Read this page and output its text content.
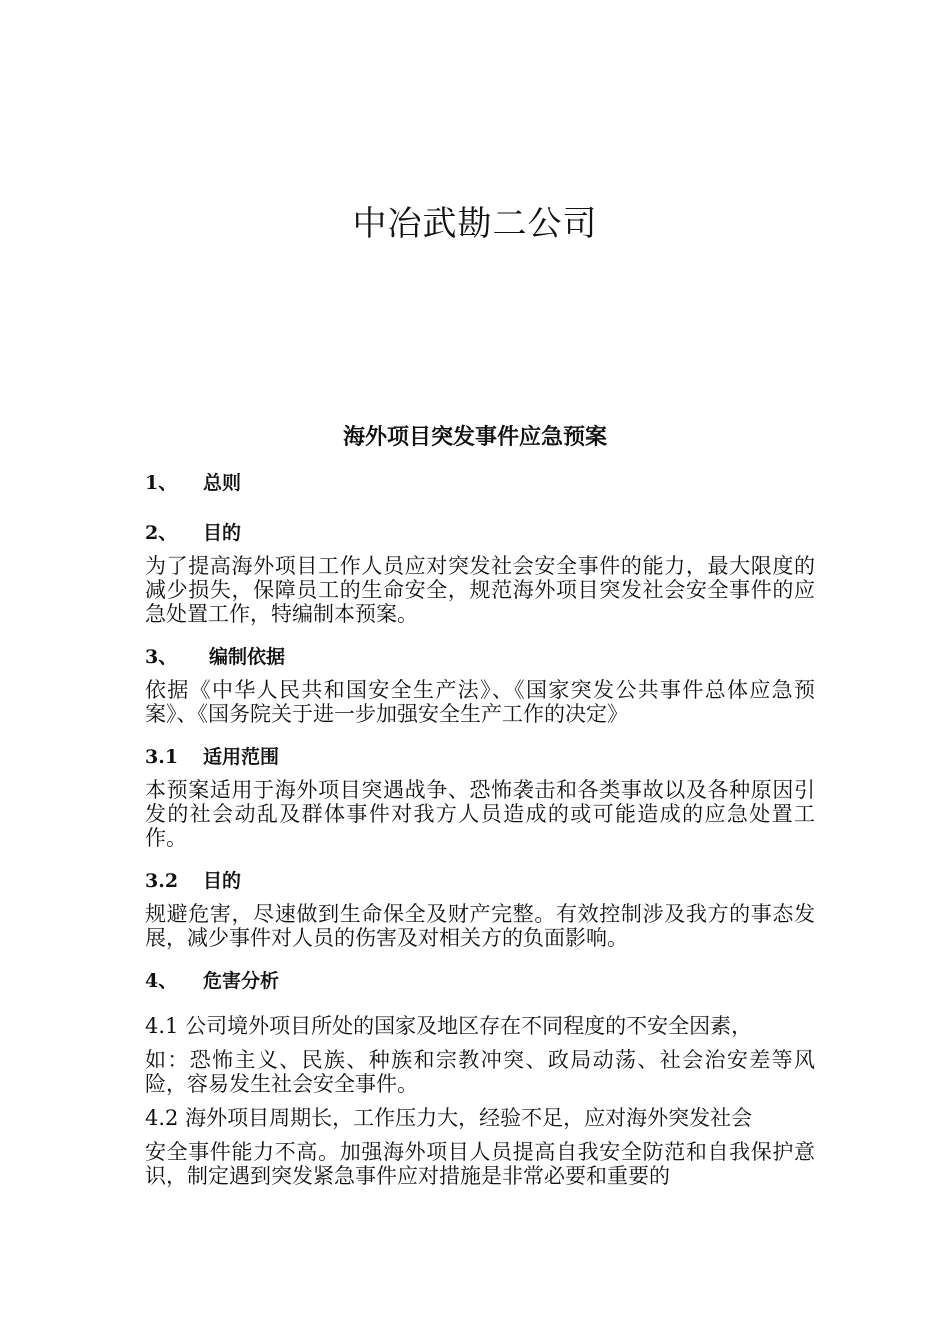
中冶武勘二公司
海外项目突发事件应急预案
1、	总则
2、	目的
为了提高海外项目工作人员应对突发社会安全事件的能力，最大限度的减少损失，保障员工的生命安全，规范海外项目突发社会安全事件的应急处置工作，特编制本预案。
3、	编制依据
依据《中华人民共和国安全生产法》、《国家突发公共事件总体应急预案》、《国务院关于进一步加强安全生产工作的决定》
3.1	适用范围
本预案适用于海外项目突遇战争、恐怖袭击和各类事故以及各种原因引发的社会动乱及群体事件对我方人员造成的或可能造成的应急处置工作。
3.2	目的
规避危害，尽速做到生命保全及财产完整。有效控制涉及我方的事态发展，减少事件对人员的伤害及对相关方的负面影响。
4、	危害分析
4.1 公司境外项目所处的国家及地区存在不同程度的不安全因素，
如：恐怖主义、民族、种族和宗教冲突、政局动荡、社会治安差等风险，容易发生社会安全事件。
4.2 海外项目周期长，工作压力大，经验不足，应对海外突发社会
安全事件能力不高。加强海外项目人员提高自我安全防范和自我保护意识，制定遇到突发紧急事件应对措施是非常必要和重要的
